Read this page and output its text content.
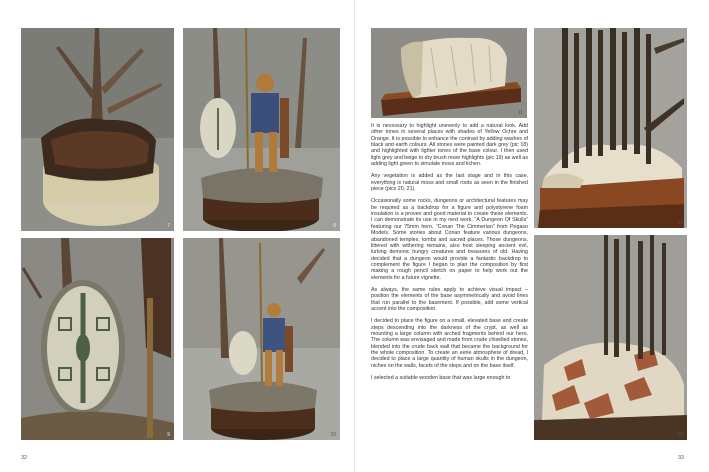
7	8
9	10
11
12
13

It is necessary to highlight unevenly to add a natural look. Add other tones in several places with shades of Yellow Ochre and Orange. It is possible to enhance the contrast by adding washes of black and earth colours. All stones were painted dark grey (pic 18) and highlighted with lighter tones of the base colour. I then used light grey and beige to dry brush more highlights (pic 19) as well as adding light green to simulate moss and lichen.

Any vegetation is added as the last stage and in this case, everything is natural moss and small roots as seen in the finished piece (pics 20, 21).

Occasionally some rocks, dungeons or architectural features may be required as a backdrop for a figure and polystyrene foam insulation is a proven and good material to create these elements. I can demonstrate its use in my next work, “A Dungeon Of Skulls” featuring our 75mm hero, “Conan The Cimmerian” from Pegaso Models. Some stories about Conan feature various dungeons, abandoned temples, tombs and sacred places. Those dungeons, littered with withering remains, also host sleeping ancient evil, lurking demonic hungry creatures and treasures of old. Having decided that a dungeon would provide a fantastic backdrop to complement the figure I began to plan the composition by first making a rough pencil sketch on paper to help work out the elements for a future vignette.

As always, the same rules apply to achieve visual impact – position the elements of the base asymmetrically and avoid lines that run parallel to the basement. If possible, add some vertical accent into the composition.

I decided to place the figure on a small, elevated base and create steps descending into the darkness of the crypt, as well as mounting a large column with arched fragments behind our hero. The column was envisaged and made from crude chiselled stones, blended into the crude back wall that became the background for the whole composition. To create an eerie atmosphere of dread, I decided to place a large quantity of human skulls in the dungeon, niches on the walls, facets of the steps and on the base itself.

I selected a suitable wooden base that was large enough to

32	33
